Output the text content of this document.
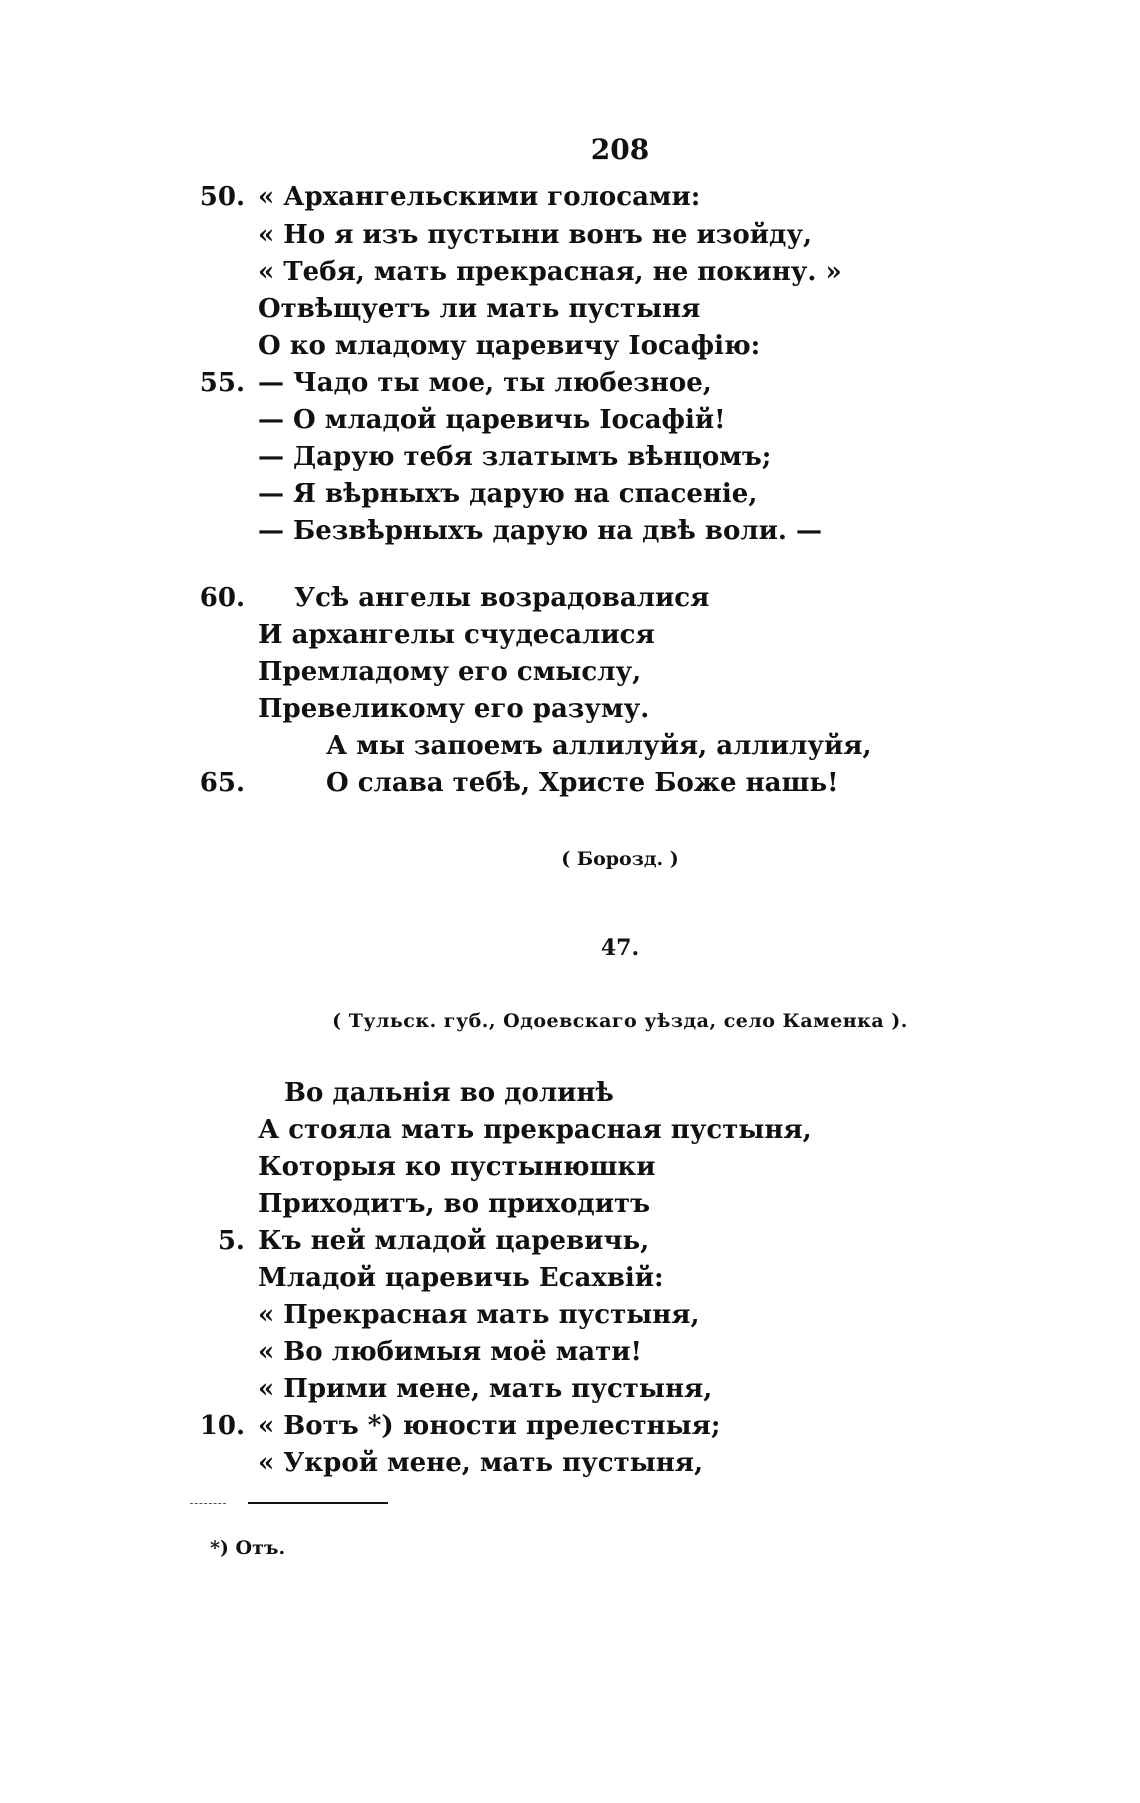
208
50. « Архангельскими голосами:
« Но я изъ пустыни вонъ не изойду,
« Тебя, мать прекрасная, не покину. »
Отвѣщуетъ ли мать пустыня
О ко младому царевичу Іосафію:
55. — Чадо ты мое, ты любезное,
— О младой царевичь Іосафій!
— Дарую тебя златымъ вѣнцомъ;
— Я вѣрныхъ дарую на спасеніе,
— Безвѣрныхъ дарую на двѣ воли. —
60. Усѣ ангелы возрадовалися
И архангелы счудесалися
Премладому его смыслу,
Превеликому его разуму.
А мы запоемъ аллилуйя, аллилуйя,
65.	О слава тебѣ, Христе Боже нашь!
Во дальнія во долинѣ
А стояла мать прекрасная пустыня,
Которыя ко пустынюшки
Приходитъ, во приходитъ
5. Къ ней младой царевичь,
Младой царевичь Есахвій:
« Прекрасная мать пустыня,
« Во любимыя моё мати!
« Прими мене, мать пустыня,
10. « Вотъ *) юности прелестныя;
« Укрой мене, мать пустыня,
( Борозд. )
47.
( Тульск. губ., Одоевскаго уѣзда, село Каменка ).
*) Отъ.
